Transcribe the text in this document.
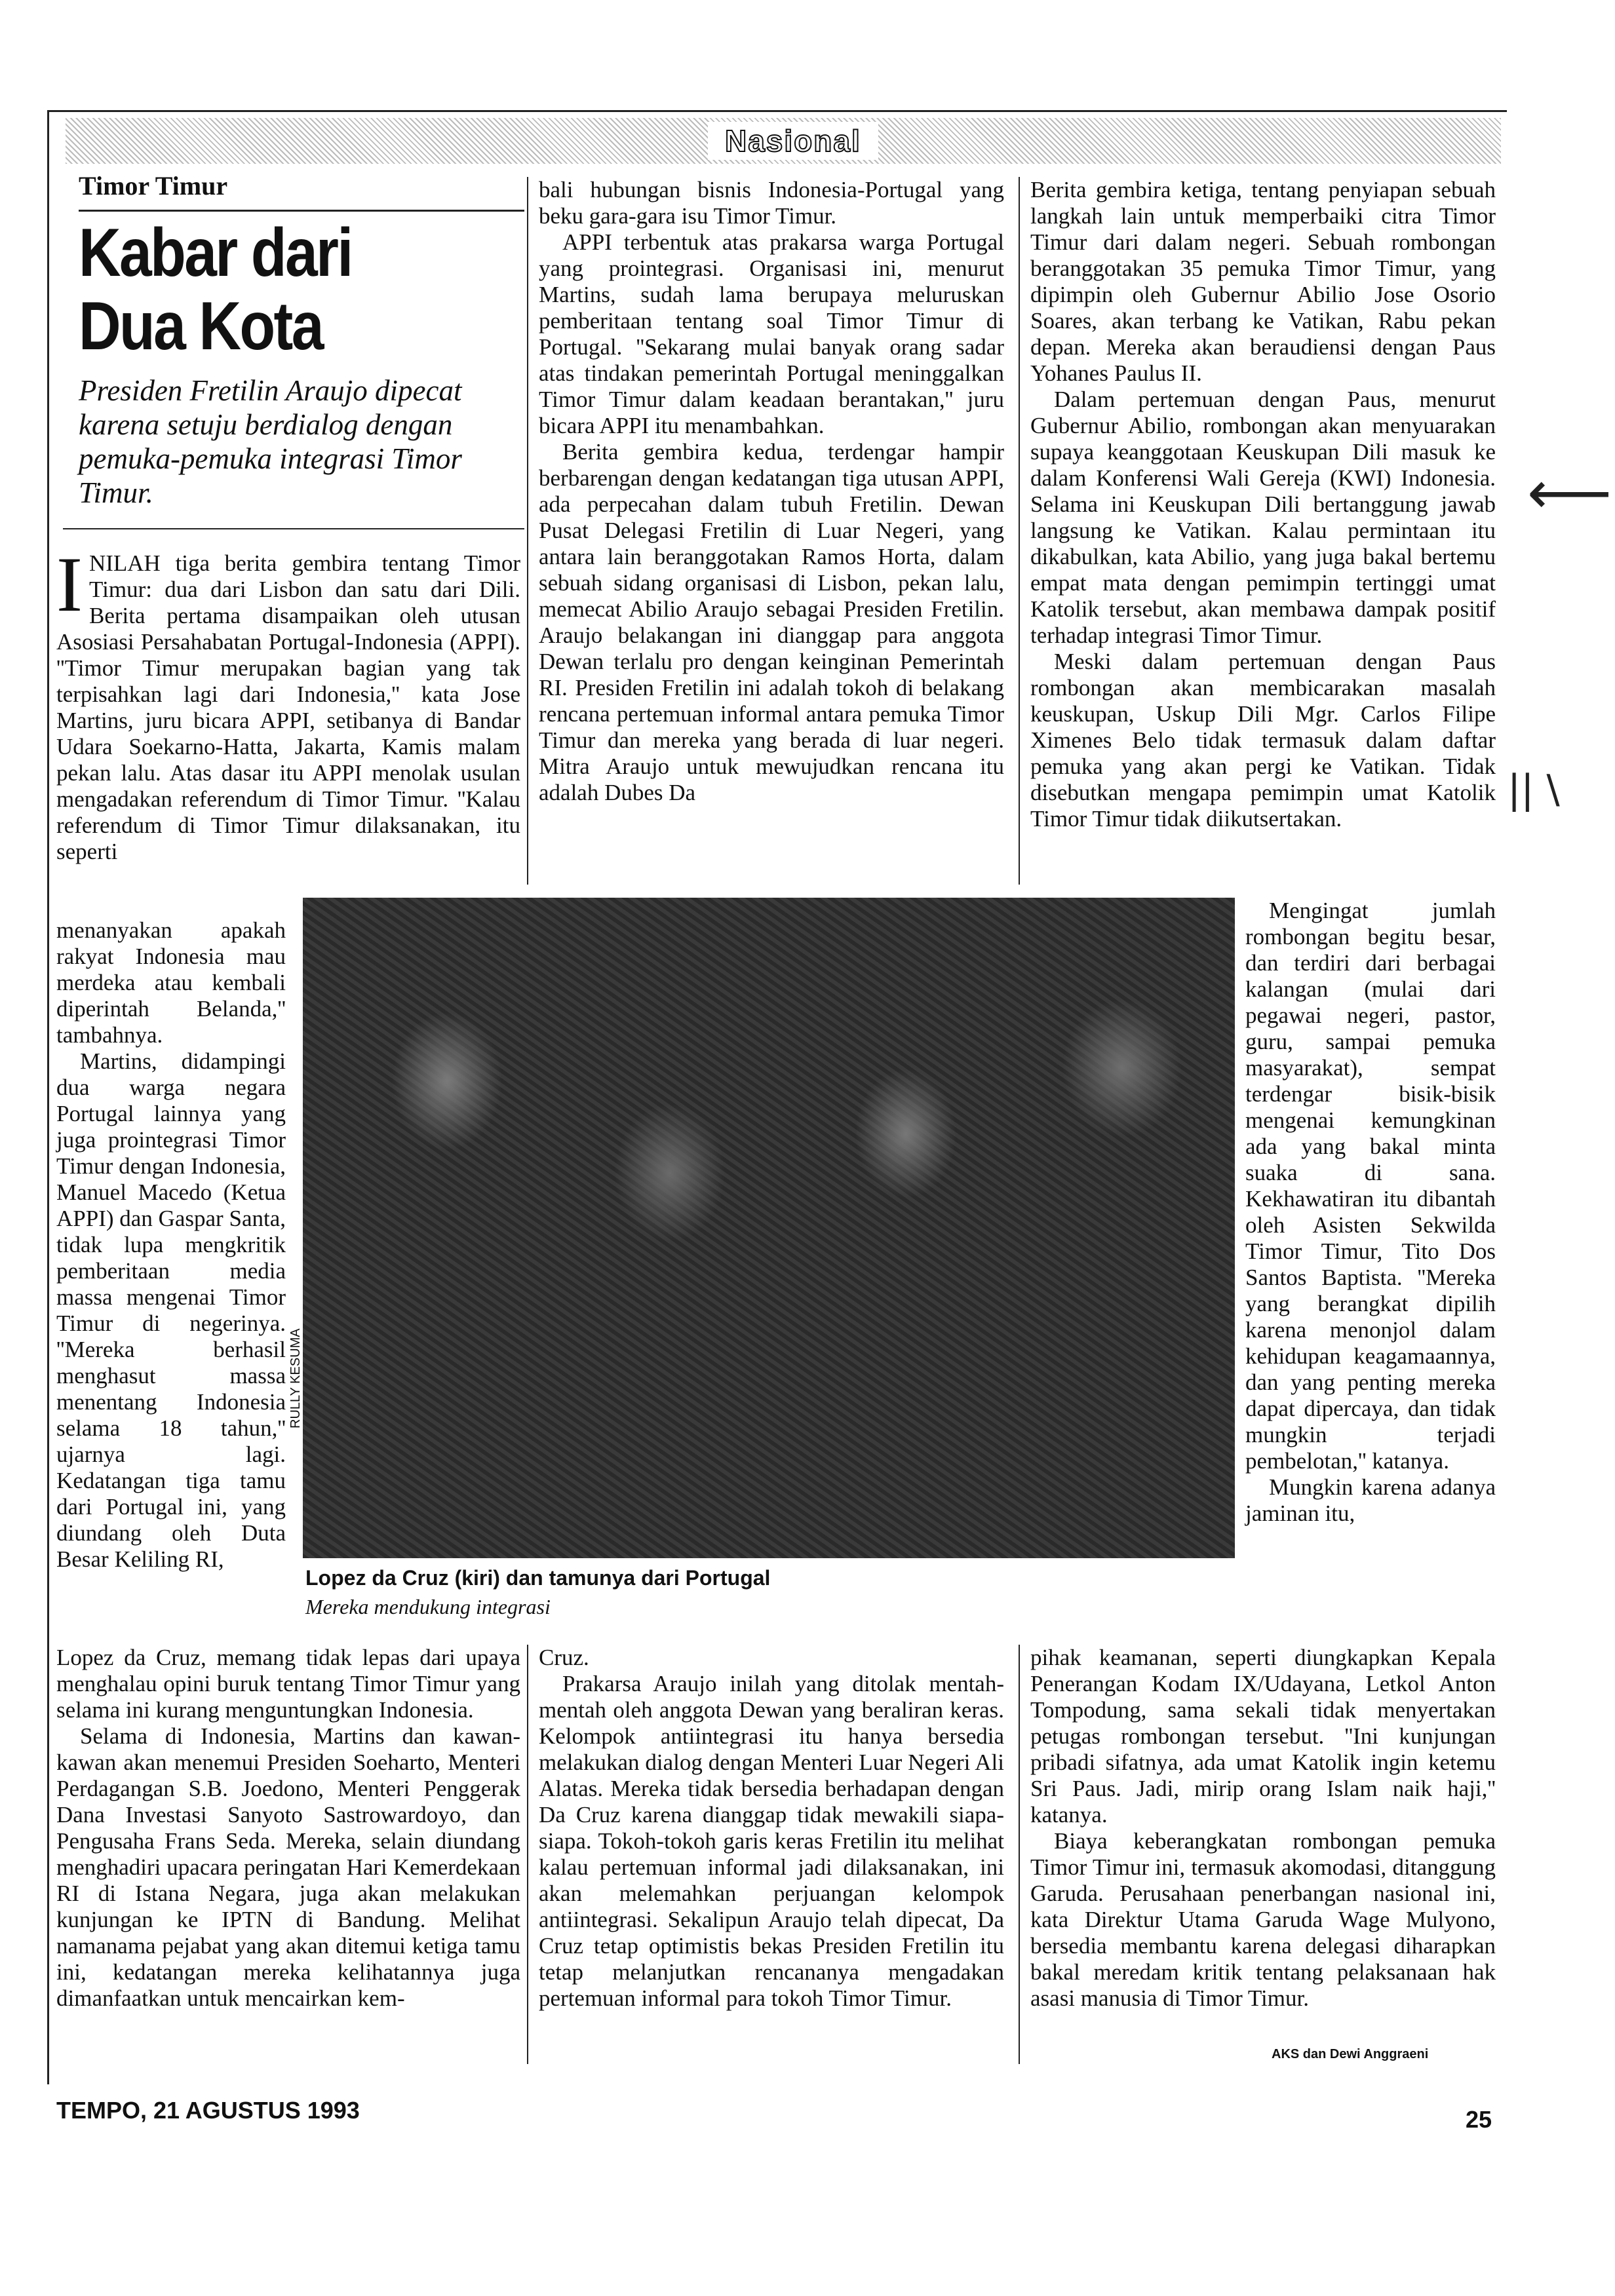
Nasional
Timor Timur
Kabar dari
Dua Kota
Presiden Fretilin Araujo dipecat karena setuju berdialog dengan pemuka-pemuka integrasi Timor Timur.

INILAH tiga berita gembira tentang Timor Timur: dua dari Lisbon dan satu dari Dili. Berita pertama disampaikan oleh utusan Asosiasi Persahabatan Portugal-Indonesia (APPI). ''Timor Timur merupakan bagian yang tak terpisahkan lagi dari Indonesia,'' kata Jose Martins, juru bicara APPI, setibanya di Bandar Udara Soekarno-Hatta, Jakarta, Kamis malam pekan lalu. Atas dasar itu APPI menolak usulan mengadakan referendum di Timor Timur. ''Kalau referendum di Timor Timur dilaksanakan, itu seperti

menanyakan apakah rakyat Indonesia mau merdeka atau kembali diperintah Belanda,'' tambahnya.

Martins, didampingi dua warga negara Portugal lainnya yang juga prointegrasi Timor Timur dengan Indonesia, Manuel Macedo (Ketua APPI) dan Gaspar Santa, tidak lupa mengkritik pemberitaan media massa mengenai Timor Timur di negerinya. ''Mereka berhasil menghasut massa menentang Indonesia selama 18 tahun,'' ujarnya lagi. Kedatangan tiga tamu dari Portugal ini, yang diundang oleh Duta Besar Keliling RI,

Lopez da Cruz, memang tidak lepas dari upaya menghalau opini buruk tentang Timor Timur yang selama ini kurang menguntungkan Indonesia.

Selama di Indonesia, Martins dan kawan-kawan akan menemui Presiden Soeharto, Menteri Perdagangan S.B. Joedono, Menteri Penggerak Dana Investasi Sanyoto Sastrowardoyo, dan Pengusaha Frans Seda. Mereka, selain diundang menghadiri upacara peringatan Hari Kemerdekaan RI di Istana Negara, juga akan melakukan kunjungan ke IPTN di Bandung. Melihat namanama pejabat yang akan ditemui ketiga tamu ini, kedatangan mereka kelihatannya juga dimanfaatkan untuk mencairkan kem-

bali hubungan bisnis Indonesia-Portugal yang beku gara-gara isu Timor Timur.

APPI terbentuk atas prakarsa warga Portugal yang prointegrasi. Organisasi ini, menurut Martins, sudah lama berupaya meluruskan pemberitaan tentang soal Timor Timur di Portugal. ''Sekarang mulai banyak orang sadar atas tindakan pemerintah Portugal meninggalkan Timor Timur dalam keadaan berantakan,'' juru bicara APPI itu menambahkan.

Berita gembira kedua, terdengar hampir berbarengan dengan kedatangan tiga utusan APPI, ada perpecahan dalam tubuh Fretilin. Dewan Pusat Delegasi Fretilin di Luar Negeri, yang antara lain beranggotakan Ramos Horta, dalam sebuah sidang organisasi di Lisbon, pekan lalu, memecat Abilio Araujo sebagai Presiden Fretilin. Araujo belakangan ini dianggap para anggota Dewan terlalu pro dengan keinginan Pemerintah RI. Presiden Fretilin ini adalah tokoh di belakang rencana pertemuan informal antara pemuka Timor Timur dan mereka yang berada di luar negeri. Mitra Araujo untuk mewujudkan rencana itu adalah Dubes Da

Cruz.

Prakarsa Araujo inilah yang ditolak mentah-mentah oleh anggota Dewan yang beraliran keras. Kelompok antiintegrasi itu hanya bersedia melakukan dialog dengan Menteri Luar Negeri Ali Alatas. Mereka tidak bersedia berhadapan dengan Da Cruz karena dianggap tidak mewakili siapa-siapa. Tokoh-tokoh garis keras Fretilin itu melihat kalau pertemuan informal jadi dilaksanakan, ini akan melemahkan perjuangan kelompok antiintegrasi. Sekalipun Araujo telah dipecat, Da Cruz tetap optimistis bekas Presiden Fretilin itu tetap melanjutkan rencananya mengadakan pertemuan informal para tokoh Timor Timur.

Berita gembira ketiga, tentang penyiapan sebuah langkah lain untuk memperbaiki citra Timor Timur dari dalam negeri. Sebuah rombongan beranggotakan 35 pemuka Timor Timur, yang dipimpin oleh Gubernur Abilio Jose Osorio Soares, akan terbang ke Vatikan, Rabu pekan depan. Mereka akan beraudiensi dengan Paus Yohanes Paulus II.

Dalam pertemuan dengan Paus, menurut Gubernur Abilio, rombongan akan menyuarakan supaya keanggotaan Keuskupan Dili masuk ke dalam Konferensi Wali Gereja (KWI) Indonesia. Selama ini Keuskupan Dili bertanggung jawab langsung ke Vatikan. Kalau permintaan itu dikabulkan, kata Abilio, yang juga bakal bertemu empat mata dengan pemimpin tertinggi umat Katolik tersebut, akan membawa dampak positif terhadap integrasi Timor Timur.

Meski dalam pertemuan dengan Paus rombongan akan membicarakan masalah keuskupan, Uskup Dili Mgr. Carlos Filipe Ximenes Belo tidak termasuk dalam daftar pemuka yang akan pergi ke Vatikan. Tidak disebutkan mengapa pemimpin umat Katolik Timor Timur tidak diikutsertakan.

Mengingat jumlah rombongan begitu besar, dan terdiri dari berbagai kalangan (mulai dari pegawai negeri, pastor, guru, sampai pemuka masyarakat), sempat terdengar bisik-bisik mengenai kemungkinan ada yang bakal minta suaka di sana. Kekhawatiran itu dibantah oleh Asisten Sekwilda Timor Timur, Tito Dos Santos Baptista. ''Mereka yang berangkat dipilih karena menonjol dalam kehidupan keagamaannya, dan yang penting mereka dapat dipercaya, dan tidak mungkin terjadi pembelotan,'' katanya.

Mungkin karena adanya jaminan itu,

pihak keamanan, seperti diungkapkan Kepala Penerangan Kodam IX/Udayana, Letkol Anton Tompodung, sama sekali tidak menyertakan petugas rombongan tersebut. ''Ini kunjungan pribadi sifatnya, ada umat Katolik ingin ketemu Sri Paus. Jadi, mirip orang Islam naik haji,'' katanya.

Biaya keberangkatan rombongan pemuka Timor Timur ini, termasuk akomodasi, ditanggung Garuda. Perusahaan penerbangan nasional ini, kata Direktur Utama Garuda Wage Mulyono, bersedia membantu karena delegasi diharapkan bakal meredam kritik tentang pelaksanaan hak asasi manusia di Timor Timur.

RULLY KESUMA
Lopez da Cruz (kiri) dan tamunya dari Portugal
Mereka mendukung integrasi
AKS dan Dewi Anggraeni
TEMPO, 21 AGUSTUS 1993	25
⟵
|| \
